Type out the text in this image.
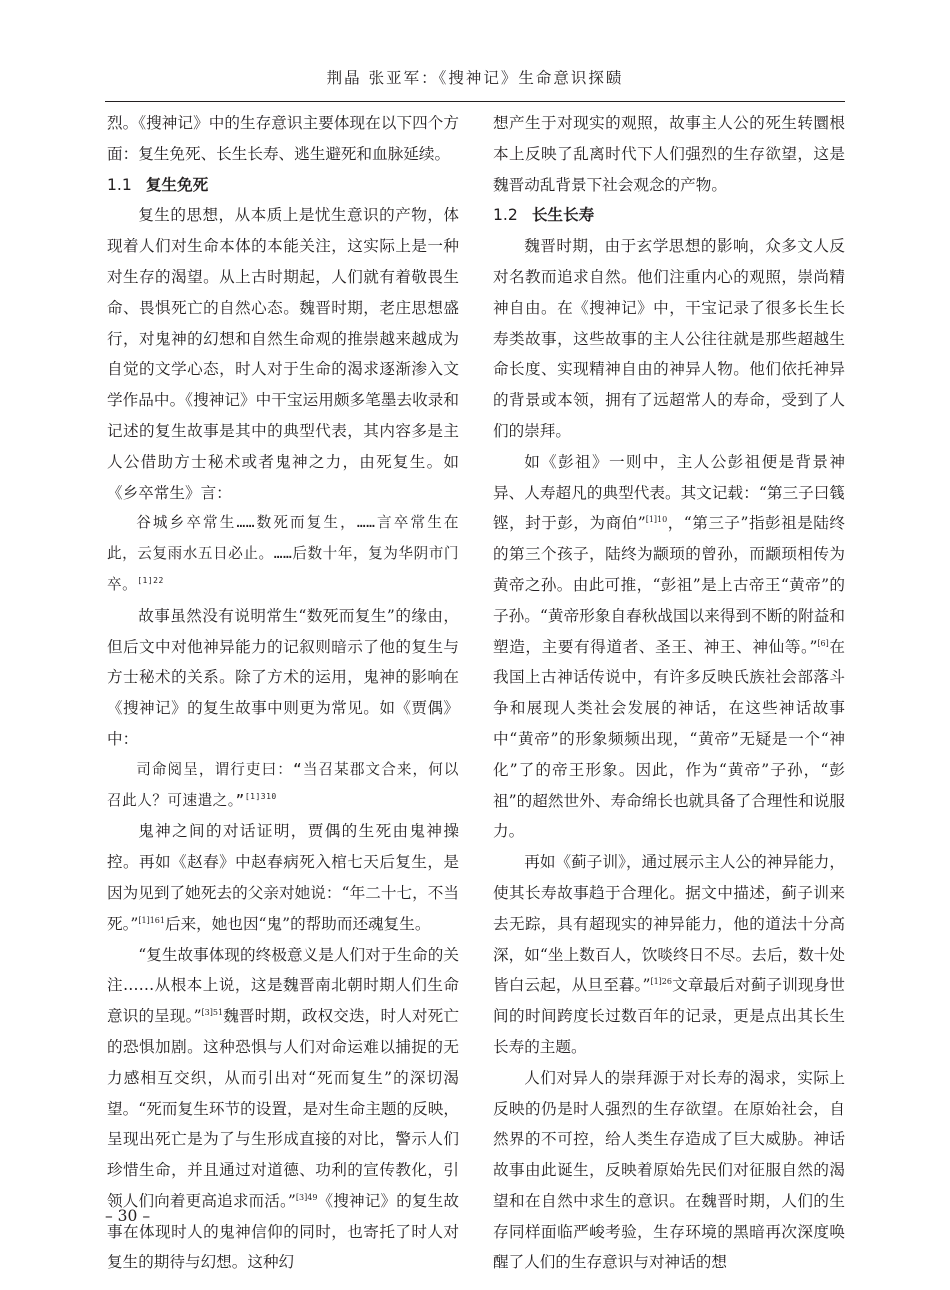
荆晶 张亚军：《搜神记》生命意识探赜

烈。《搜神记》中的生存意识主要体现在以下四个方面：复生免死、长生长寿、逃生避死和血脉延续。

1.1 复生免死

复生的思想，从本质上是忧生意识的产物，体现着人们对生命本体的本能关注，这实际上是一种对生存的渴望。从上古时期起，人们就有着敬畏生命、畏惧死亡的自然心态。魏晋时期，老庄思想盛行，对鬼神的幻想和自然生命观的推崇越来越成为自觉的文学心态，时人对于生命的渴求逐渐渗入文学作品中。《搜神记》中干宝运用颇多笔墨去收录和记述的复生故事是其中的典型代表，其内容多是主人公借助方士秘术或者鬼神之力，由死复生。如《乡卒常生》言：

谷城乡卒常生……数死而复生，……言卒常生在此，云复雨水五日必止。……后数十年，复为华阴市门卒。$^{[1]22}$

故事虽然没有说明常生“数死而复生”的缘由，但后文中对他神异能力的记叙则暗示了他的复生与方士秘术的关系。除了方术的运用，鬼神的影响在《搜神记》的复生故事中则更为常见。如《贾偶》中：

司命阅呈，谓行吏曰：“当召某郡文合来，何以召此人？可速遣之。”$^{[1]310}$

鬼神之间的对话证明，贾偶的生死由鬼神操控。再如《赵春》中赵春病死入棺七天后复生，是因为见到了她死去的父亲对她说：“年二十七，不当死。”$^{[1]161}$后来，她也因“鬼”的帮助而还魂复生。

“复生故事体现的终极意义是人们对于生命的关注……从根本上说，这是魏晋南北朝时期人们生命意识的呈现。”$^{[3]51}$魏晋时期，政权交迭，时人对死亡的恐惧加剧。这种恐惧与人们对命运难以捕捉的无力感相互交织，从而引出对“死而复生”的深切渴望。“死而复生环节的设置，是对生命主题的反映，呈现出死亡是为了与生形成直接的对比，警示人们珍惜生命，并且通过对道德、功利的宣传教化，引领人们向着更高追求而活。”$^{[3]49}$《搜神记》的复生故事在体现时人的鬼神信仰的同时，也寄托了时人对复生的期待与幻想。这种幻

想产生于对现实的观照，故事主人公的死生转圜根本上反映了乱离时代下人们强烈的生存欲望，这是魏晋动乱背景下社会观念的产物。

1.2 长生长寿

魏晋时期，由于玄学思想的影响，众多文人反对名教而追求自然。他们注重内心的观照，崇尚精神自由。在《搜神记》中，干宝记录了很多长生长寿类故事，这些故事的主人公往往就是那些超越生命长度、实现精神自由的神异人物。他们依托神异的背景或本领，拥有了远超常人的寿命，受到了人们的崇拜。

如《彭祖》一则中，主人公彭祖便是背景神异、人寿超凡的典型代表。其文记载：“第三子曰篯铿，封于彭，为商伯”$^{[1]10}$，“第三子”指彭祖是陆终的第三个孩子，陆终为颛顼的曾孙，而颛顼相传为黄帝之孙。由此可推，“彭祖”是上古帝王“黄帝”的子孙。“黄帝形象自春秋战国以来得到不断的附益和塑造，主要有得道者、圣王、神王、神仙等。”[6]在我国上古神话传说中，有许多反映氏族社会部落斗争和展现人类社会发展的神话，在这些神话故事中“黄帝”的形象频频出现，“黄帝”无疑是一个“神化”了的帝王形象。因此，作为“黄帝”子孙，“彭祖”的超然世外、寿命绵长也就具备了合理性和说服力。

再如《蓟子训》，通过展示主人公的神异能力，使其长寿故事趋于合理化。据文中描述，蓟子训来去无踪，具有超现实的神异能力，他的道法十分高深，如“坐上数百人，饮啖终日不尽。去后，数十处皆白云起，从旦至暮。”$^{[1]26}$文章最后对蓟子训现身世间的时间跨度长过数百年的记录，更是点出其长生长寿的主题。

人们对异人的崇拜源于对长寿的渴求，实际上反映的仍是时人强烈的生存欲望。在原始社会，自然界的不可控，给人类生存造成了巨大威胁。神话故事由此诞生，反映着原始先民们对征服自然的渴望和在自然中求生的意识。在魏晋时期，人们的生存同样面临严峻考验，生存环境的黑暗再次深度唤醒了人们的生存意识与对神话的想

– 30 –
